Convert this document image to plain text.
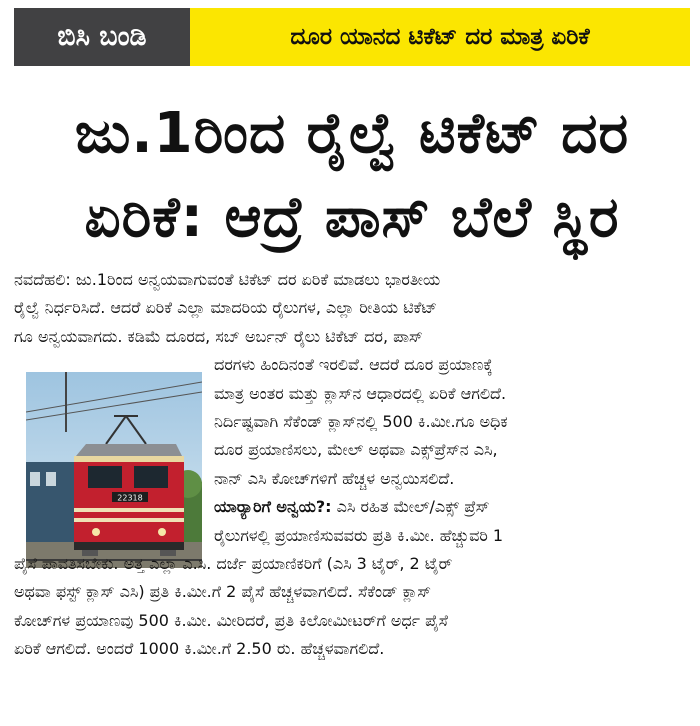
ಬಿಸಿ ಬಂಡಿ	ದೂರ ಯಾನದ ಟಿಕೆಟ್ ದರ ಮಾತ್ರ ಏರಿಕೆ
ಜು.1ರಿಂದ ರೈಲ್ವೆ ಟಿಕೆಟ್ ದರ
ಏರಿಕೆ: ಆದ್ರೆ ಪಾಸ್ ಬೆಲೆ ಸ್ಥಿರ
22318
ನವದೆಹಲಿ: ಜು.1ರಿಂದ ಅನ್ವಯವಾಗುವಂತೆ ಟಿಕೆಟ್ ದರ ಏರಿಕೆ ಮಾಡಲು ಭಾರತೀಯ
ರೈಲ್ವೆ ನಿರ್ಧರಿಸಿದೆ. ಆದರೆ ಏರಿಕೆ ಎಲ್ಲಾ ಮಾದರಿಯ ರೈಲುಗಳ, ಎಲ್ಲಾ ರೀತಿಯ ಟಿಕೆಟ್
ಗೂ ಅನ್ವಯವಾಗದು. ಕಡಿಮೆ ದೂರದ, ಸಬ್ ಅರ್ಬನ್ ರೈಲು ಟಿಕೆಟ್ ದರ, ಪಾಸ್
ದರಗಳು ಹಿಂದಿನಂತೆ ಇರಲಿವೆ. ಆದರೆ ದೂರ ಪ್ರಯಾಣಕ್ಕೆ
ಮಾತ್ರ ಅಂತರ ಮತ್ತು ಕ್ಲಾಸ್‌ನ ಆಧಾರದಲ್ಲಿ ಏರಿಕೆ ಆಗಲಿದೆ.
ನಿರ್ದಿಷ್ಟವಾಗಿ ಸೆಕೆಂಡ್ ಕ್ಲಾಸ್‌ನಲ್ಲಿ 500 ಕಿ.ಮೀ.ಗೂ ಅಧಿಕ
ದೂರ ಪ್ರಯಾಣಿಸಲು, ಮೇಲ್ ಅಥವಾ ಎಕ್ಸ್‌ಪ್ರೆಸ್‌ನ ಎಸಿ,
ನಾನ್ ಎಸಿ ಕೋಚ್‌ಗಳಿಗೆ ಹೆಚ್ಚಳ ಅನ್ವಯಿಸಲಿದೆ.
ಯಾರ್‍ಯಾರಿಗೆ ಅನ್ವಯ?: ಎಸಿ ರಹಿತ ಮೇಲ್/ಎಕ್ಸ್ ಪ್ರೆಸ್
ರೈಲುಗಳಲ್ಲಿ ಪ್ರಯಾಣಿಸುವವರು ಪ್ರತಿ ಕಿ.ಮೀ. ಹೆಚ್ಚುವರಿ 1
ಪೈಸೆ ಪಾವತಿಸಬೇಕು. ಅತ್ತ ಎಲ್ಲಾ ಎ.ಸಿ. ದರ್ಜೆ ಪ್ರಯಾಣಿಕರಿಗೆ (ಎಸಿ 3 ಟೈರ್, 2 ಟೈರ್
ಅಥವಾ ಫಸ್ಟ್ ಕ್ಲಾಸ್ ಎಸಿ) ಪ್ರತಿ ಕಿ.ಮೀ.ಗೆ 2 ಪೈಸೆ ಹೆಚ್ಚಳವಾಗಲಿದೆ. ಸೆಕೆಂಡ್ ಕ್ಲಾಸ್
ಕೋಚ್‌ಗಳ ಪ್ರಯಾಣವು 500 ಕಿ.ಮೀ. ಮೀರಿದರೆ, ಪ್ರತಿ ಕಿಲೋಮೀಟರ್‌ಗೆ ಅರ್ಧ ಪೈಸೆ
ಏರಿಕೆ ಆಗಲಿದೆ. ಅಂದರೆ 1000 ಕಿ.ಮೀ.ಗೆ 2.50 ರು. ಹೆಚ್ಚಳವಾಗಲಿದೆ.
